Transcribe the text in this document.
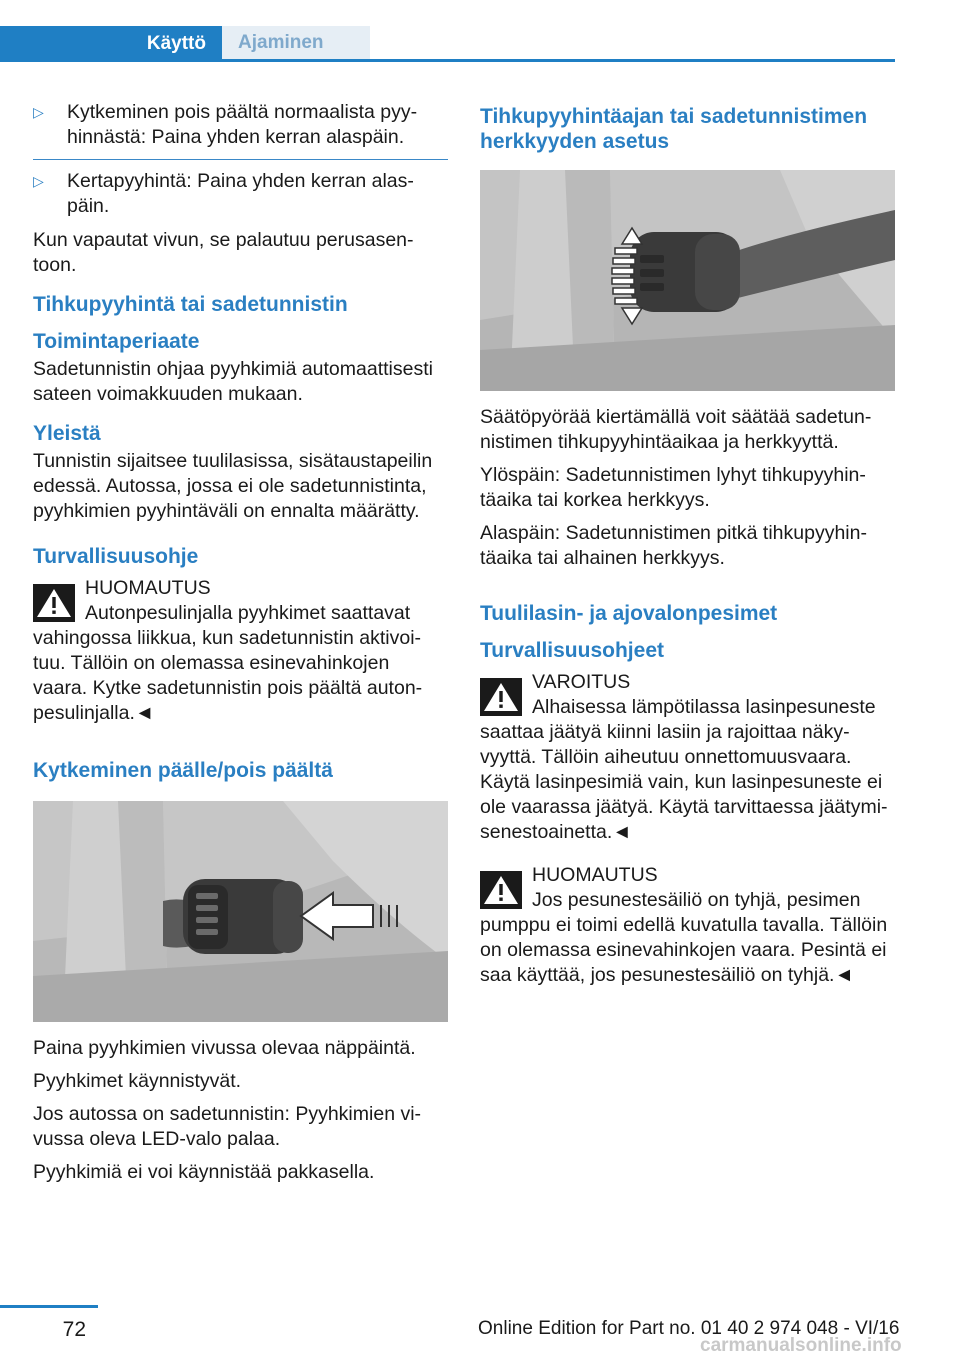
Käyttö	Ajaminen
▷	Kytkeminen pois päältä normaalista pyy‐hinnästä: Paina yhden kerran alaspäin.
▷	Kertapyyhintä: Paina yhden kerran alas‐päin.

Kun vapautat vivun, se palautuu perusasen‐toon.

Tihkupyyhintä tai sadetunnistin
Toimintaperiaate

Sadetunnistin ohjaa pyyhkimiä automaattisesti sateen voimakkuuden mukaan.

Yleistä

Tunnistin sijaitsee tuulilasissa, sisätaustapeilin edessä. Autossa, jossa ei ole sadetunnistinta, pyyhkimien pyyhintäväli on ennalta määrätty.

Turvallisuusohje
HUOMAUTUS
Autonpesulinjalla pyyhkimet saattavat
vahingossa liikkua, kun sadetunnistin aktivoi‐tuu. Tällöin on olemassa esinevahinkojen vaara. Kytke sadetunnistin pois päältä auton‐pesulinjalla.◄
Kytkeminen päälle/pois päältä

Paina pyyhkimien vivussa olevaa näppäintä.

Pyyhkimet käynnistyvät.

Jos autossa on sadetunnistin: Pyyhkimien vi‐vussa oleva LED-valo palaa.

Pyyhkimiä ei voi käynnistää pakkasella.

Tihkupyyhintäajan tai sadetunnistimen herkkyyden asetus

Säätöpyörää kiertämällä voit säätää sadetun‐nistimen tihkupyyhintäaikaa ja herkkyyttä.

Ylöspäin: Sadetunnistimen lyhyt tihkupyyhin‐täaika tai korkea herkkyys.

Alaspäin: Sadetunnistimen pitkä tihkupyyhin‐täaika tai alhainen herkkyys.

Tuulilasin- ja ajovalonpesimet
Turvallisuusohjeet
VAROITUS
Alhaisessa lämpötilassa lasinpesuneste
saattaa jäätyä kiinni lasiin ja rajoittaa näky‐vyyttä. Tällöin aiheutuu onnettomuusvaara. Käytä lasinpesimiä vain, kun lasinpesuneste ei ole vaarassa jäätyä. Käytä tarvittaessa jäätymi‐senestoainetta.◄
HUOMAUTUS
Jos pesunestesäiliö on tyhjä, pesimen
pumppu ei toimi edellä kuvatulla tavalla. Tällöin on olemassa esinevahinkojen vaara. Pesintä ei saa käyttää, jos pesunestesäiliö on tyhjä.◄
72	Online Edition for Part no. 01 40 2 974 048 - VI/16
carmanualsonline.info
